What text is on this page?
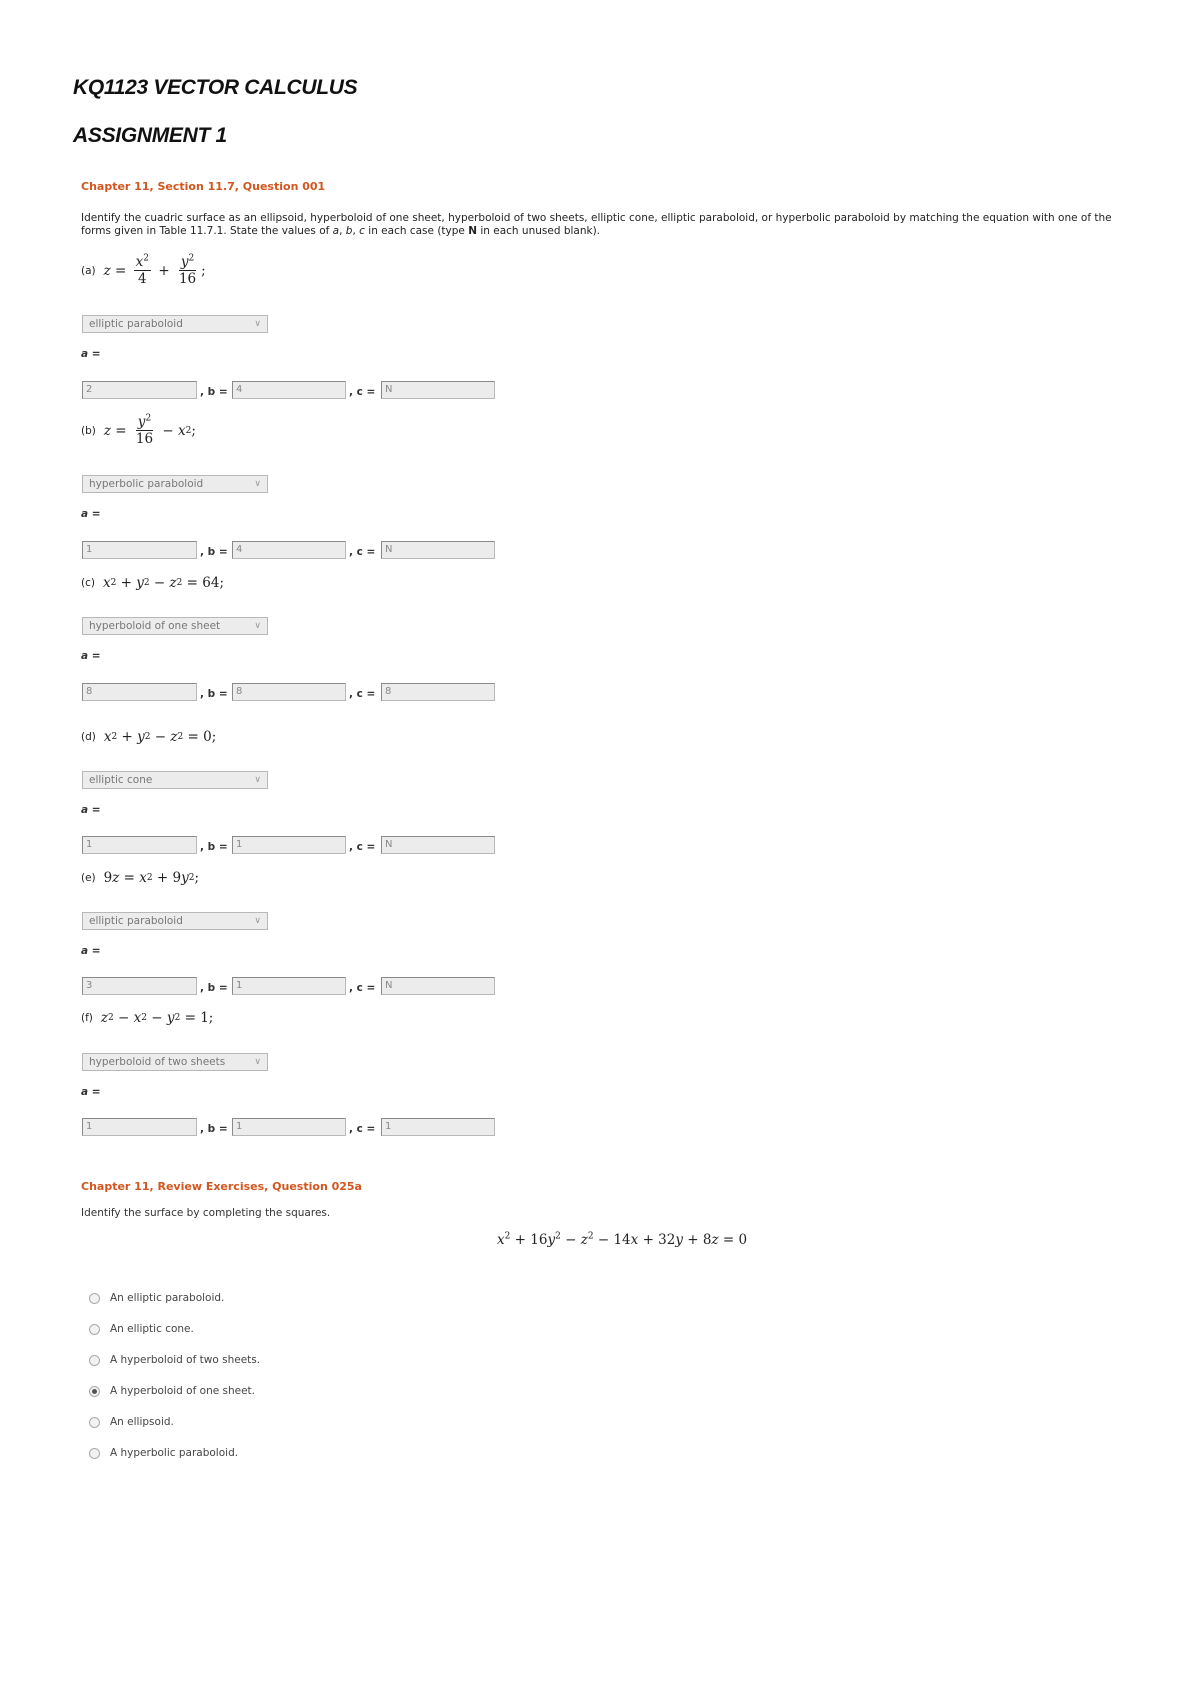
KQ1123 VECTOR CALCULUS
ASSIGNMENT 1
Chapter 11, Section 11.7, Question 001

Identify the cuadric surface as an ellipsoid, hyperboloid of one sheet, hyperboloid of two sheets, elliptic cone, elliptic paraboloid, or hyperbolic paraboloid by matching the equation with one of the forms given in Table 11.7.1. State the values of a, b, c in each case (type N in each unused blank).

(a) $z = \frac{x^2}{4} + \frac{y^2}{16}$ ;
elliptic paraboloid	∨
a =
2	, b = 4	, c = N
(b) $z = \frac{y^2}{16} - x$ 2 ;
hyperbolic paraboloid	∨
a =
1	, b = 4	, c = N
(c) x 2 + y 2 − z 2 = 64;
hyperboloid of one sheet	∨
a =
8	, b = 8	, c = 8
(d) x 2 + y 2 − z 2 = 0;
elliptic cone	∨
a =
1	, b = 1	, c = N
(e) 9 z = x 2 + 9 y 2 ;
elliptic paraboloid	∨
a =
3	, b = 1	, c = N
(f) z 2 − x 2 − y 2 = 1;
hyperboloid of two sheets	∨
a =
1	, b = 1	, c = 1
Chapter 11, Review Exercises, Question 025a

Identify the surface by completing the squares.

$x^2 + 16y^2 - z^2 - 14x + 32y + 8z = 0$
An elliptic paraboloid.
An elliptic cone.
A hyperboloid of two sheets.
A hyperboloid of one sheet.
An ellipsoid.
A hyperbolic paraboloid.
